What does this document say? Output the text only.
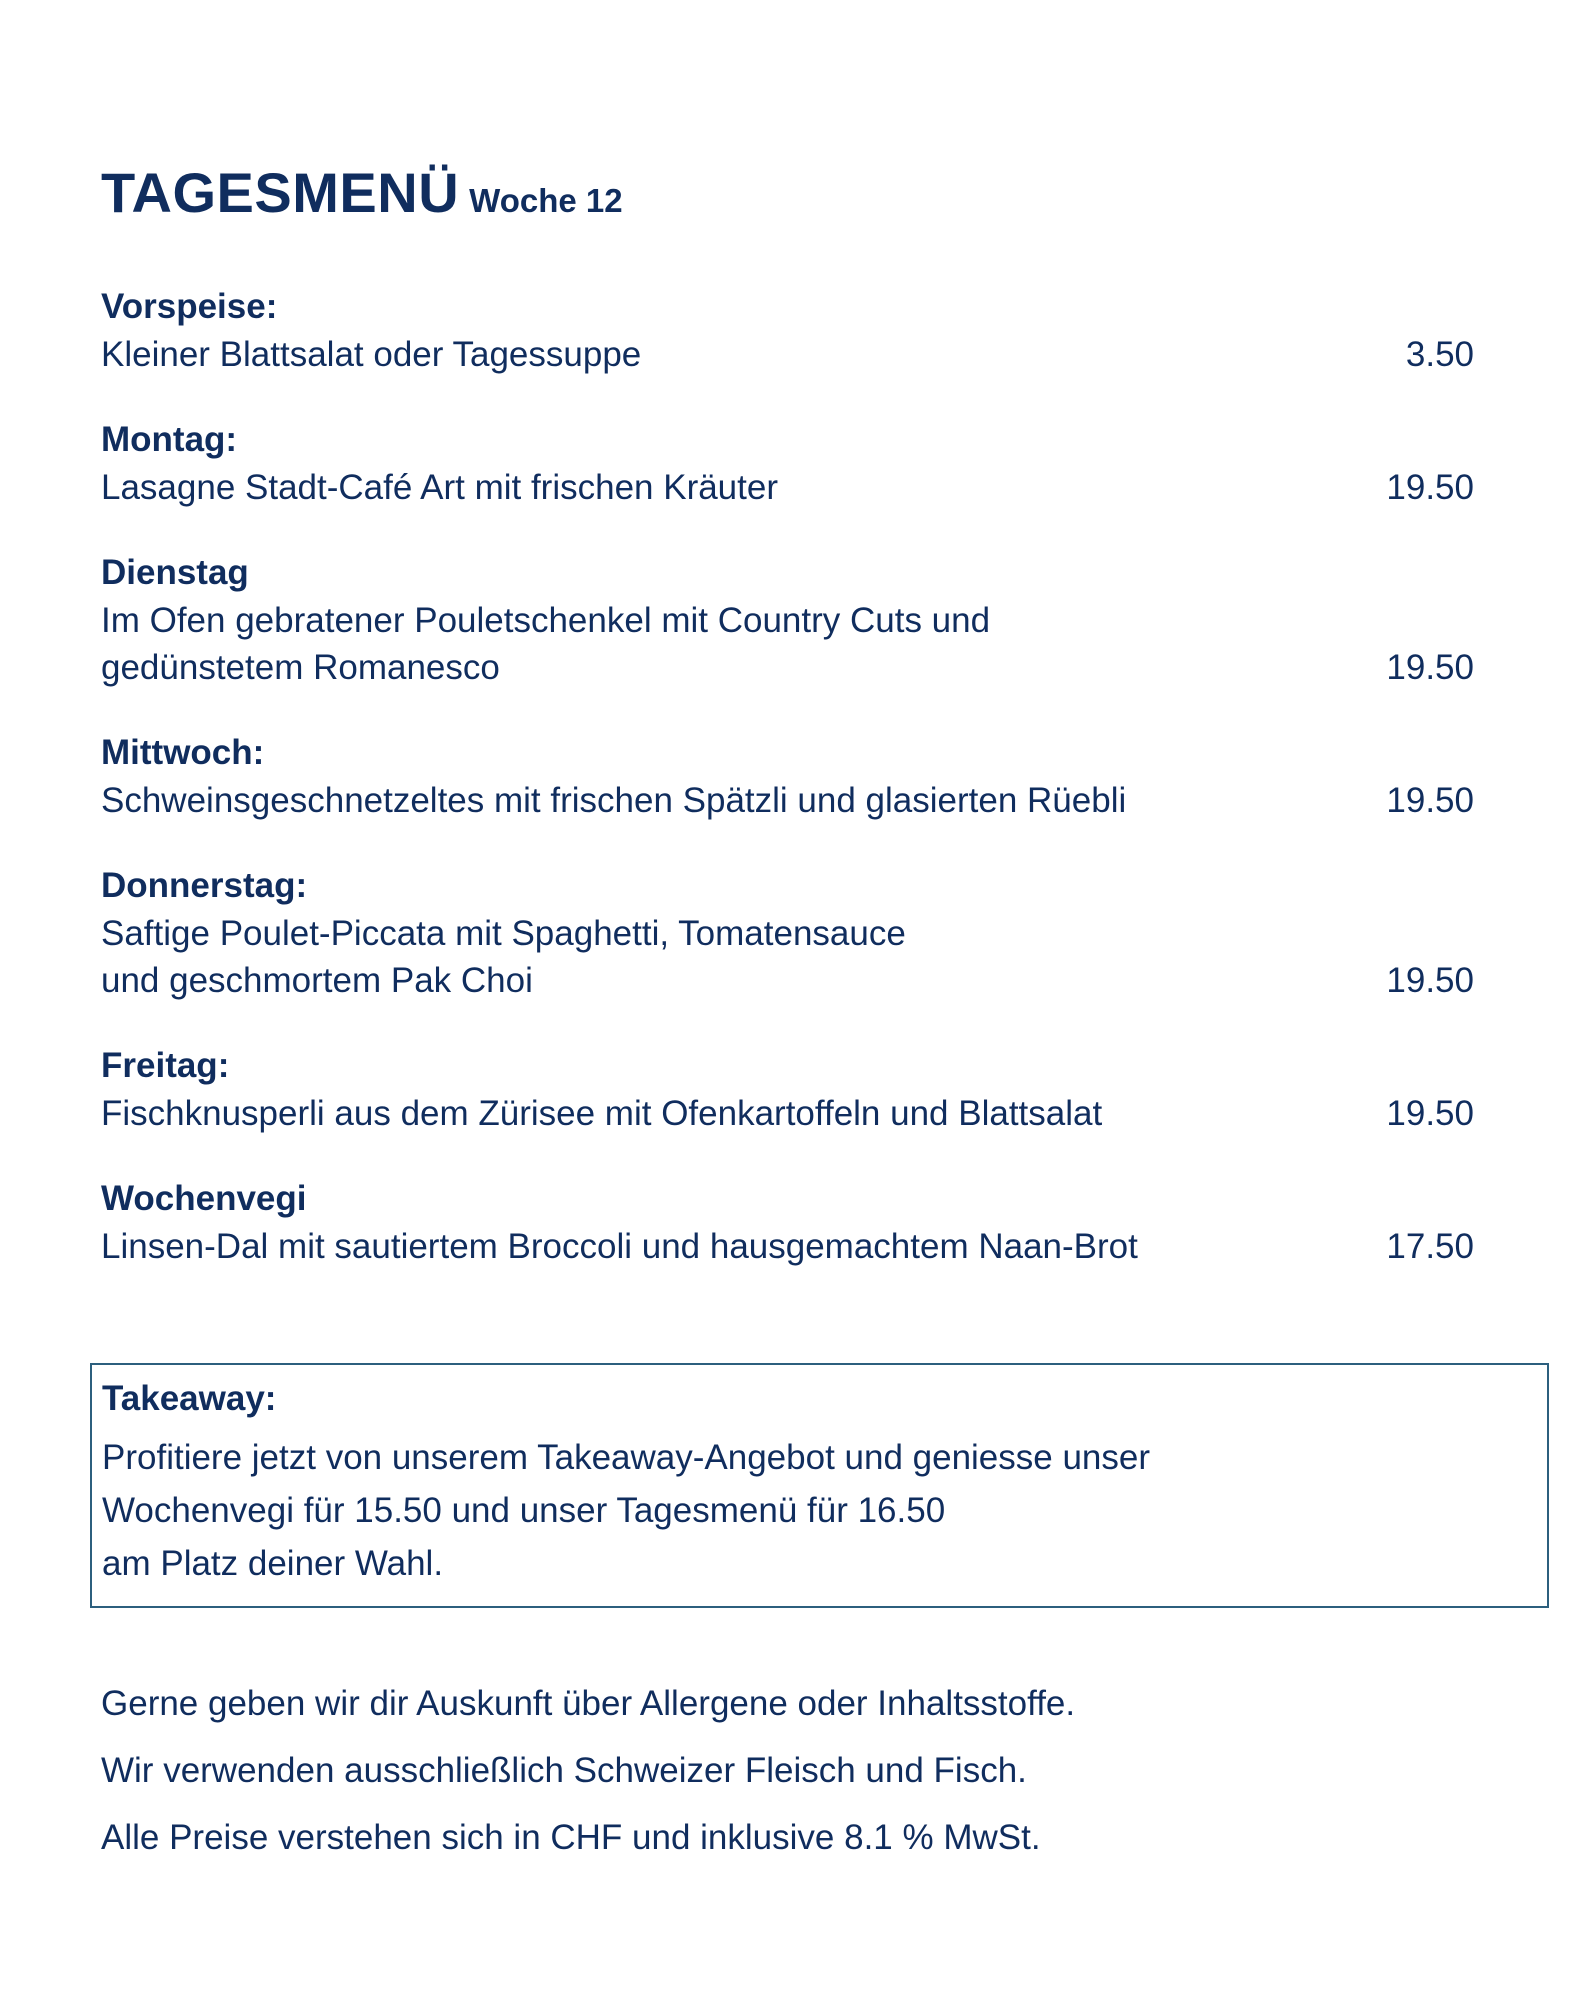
TAGESMENÜ Woche 12
Vorspeise:
Kleiner Blattsalat oder Tagessuppe	3.50
Montag:
Lasagne Stadt-Café Art mit frischen Kräuter	19.50
Dienstag
Im Ofen gebratener Pouletschenkel mit Country Cuts und
gedünstetem Romanesco	19.50
Mittwoch:
Schweinsgeschnetzeltes mit frischen Spätzli und glasierten Rüebli	19.50
Donnerstag:
Saftige Poulet-Piccata mit Spaghetti, Tomatensauce
und geschmortem Pak Choi	19.50
Freitag:
Fischknusperli aus dem Zürisee mit Ofenkartoffeln und Blattsalat	19.50
Wochenvegi
Linsen-Dal mit sautiertem Broccoli und hausgemachtem Naan-Brot	17.50
Takeaway:
Profitiere jetzt von unserem Takeaway-Angebot und geniesse unser
Wochenvegi für 15.50 und unser Tagesmenü für 16.50
am Platz deiner Wahl.
Gerne geben wir dir Auskunft über Allergene oder Inhaltsstoffe.
Wir verwenden ausschließlich Schweizer Fleisch und Fisch.
Alle Preise verstehen sich in CHF und inklusive 8.1 % MwSt.
